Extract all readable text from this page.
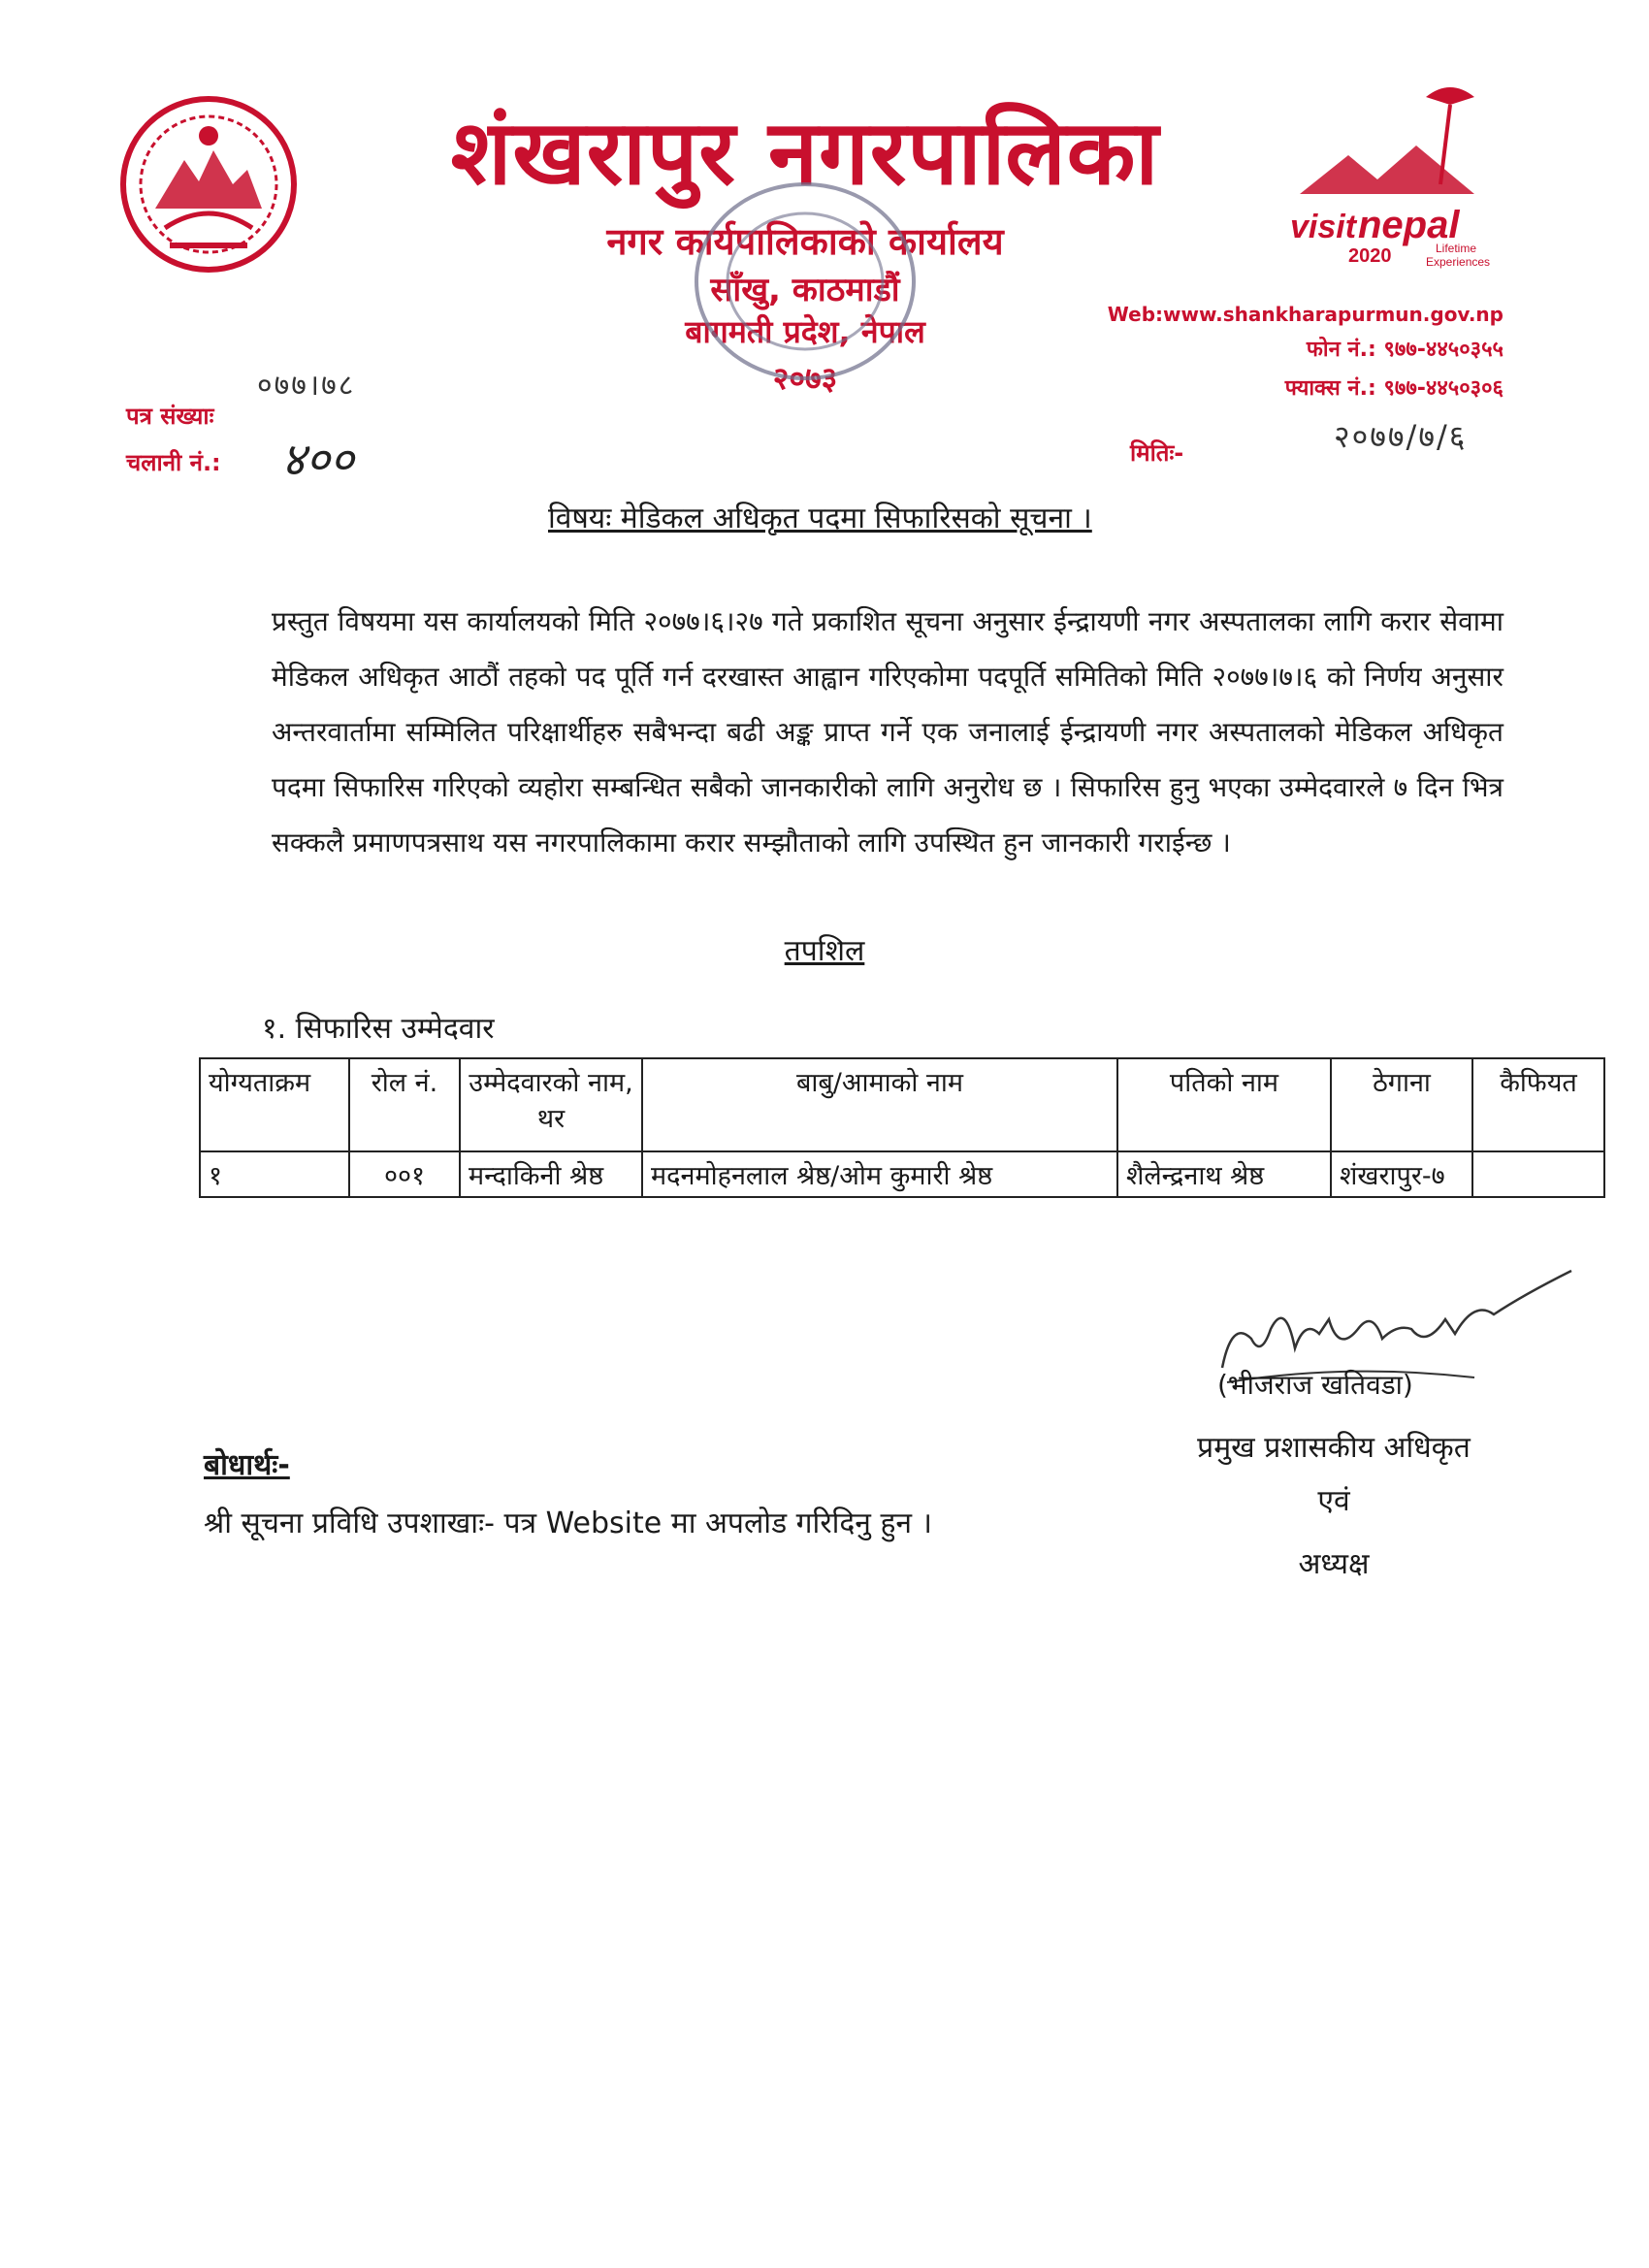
शंखरापुर नगरपालिका
नगर कार्यपालिकाको कार्यालय
साँखु, काठमाडौं
बागमती प्रदेश, नेपाल
२०७३
visit nepal
2020	Lifetime
Experiences
Web:www.shankharapurmun.gov.np
फोन नं.: ९७७-४४५०३५५
फ्याक्स नं.: ९७७-४४५०३०६
०७७।७८
पत्र संख्याः
चलानी नं.: ४००	मितिः-	२०७७/७/६
विषयः मेडिकल अधिकृत पदमा सिफारिसको सूचना ।
प्रस्तुत विषयमा यस कार्यालयको मिति २०७७।६।२७ गते प्रकाशित सूचना अनुसार ईन्द्रायणी नगर अस्पतालका लागि करार सेवामा मेडिकल अधिकृत आठौं तहको पद पूर्ति गर्न दरखास्त आह्वान गरिएकोमा पदपूर्ति समितिको मिति २०७७।७।६ को निर्णय अनुसार अन्तरवार्तामा सम्मिलित परिक्षार्थीहरु सबैभन्दा बढी अङ्क प्राप्त गर्ने एक जनालाई ईन्द्रायणी नगर अस्पतालको मेडिकल अधिकृत पदमा सिफारिस गरिएको व्यहोरा सम्बन्धित सबैको जानकारीको लागि अनुरोध छ । सिफारिस हुनु भएका उम्मेदवारले ७ दिन भित्र सक्कलै प्रमाणपत्रसाथ यस नगरपालिकामा करार सम्झौताको लागि उपस्थित हुन जानकारी गराईन्छ ।
तपशिल
१. सिफारिस उम्मेदवार
योग्यताक्रम	रोल नं.	उम्मेदवारको नाम, थर	बाबु/आमाको नाम	पतिको नाम	ठेगाना	कैफियत
१	००१	मन्दाकिनी श्रेष्ठ	मदनमोहनलाल श्रेष्ठ/ओम कुमारी श्रेष्ठ	शैलेन्द्रनाथ श्रेष्ठ	शंखरापुर-७	
(भीजराज खतिवडा)
प्रमुख प्रशासकीय अधिकृत
एवं
अध्यक्ष
बोधार्थः-
श्री सूचना प्रविधि उपशाखाः- पत्र Website मा अपलोड गरिदिनु हुन ।
